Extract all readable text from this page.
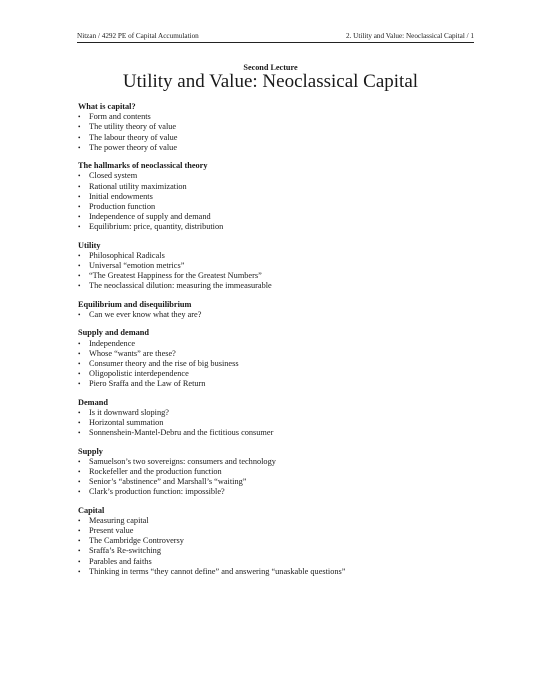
Nitzan / 4292 PE of Capital Accumulation	2. Utility and Value: Neoclassical Capital / 1
Second Lecture
Utility and Value: Neoclassical Capital
What is capital?
• Form and contents
• The utility theory of value
• The labour theory of value
• The power theory of value
The hallmarks of neoclassical theory
• Closed system
• Rational utility maximization
• Initial endowments
• Production function
• Independence of supply and demand
• Equilibrium: price, quantity, distribution
Utility
• Philosophical Radicals
• Universal “emotion metrics”
• “The Greatest Happiness for the Greatest Numbers”
• The neoclassical dilution: measuring the immeasurable
Equilibrium and disequilibrium
• Can we ever know what they are?
Supply and demand
• Independence
• Whose “wants” are these?
• Consumer theory and the rise of big business
• Oligopolistic interdependence
• Piero Sraffa and the Law of Return
Demand
• Is it downward sloping?
• Horizontal summation
• Sonnenshein-Mantel-Debru and the fictitious consumer
Supply
• Samuelson’s two sovereigns: consumers and technology
• Rockefeller and the production function
• Senior’s “abstinence” and Marshall’s “waiting”
• Clark’s production function: impossible?
Capital
• Measuring capital
• Present value
• The Cambridge Controversy
• Sraffa’s Re-switching
• Parables and faiths
• Thinking in terms “they cannot define” and answering “unaskable questions”
